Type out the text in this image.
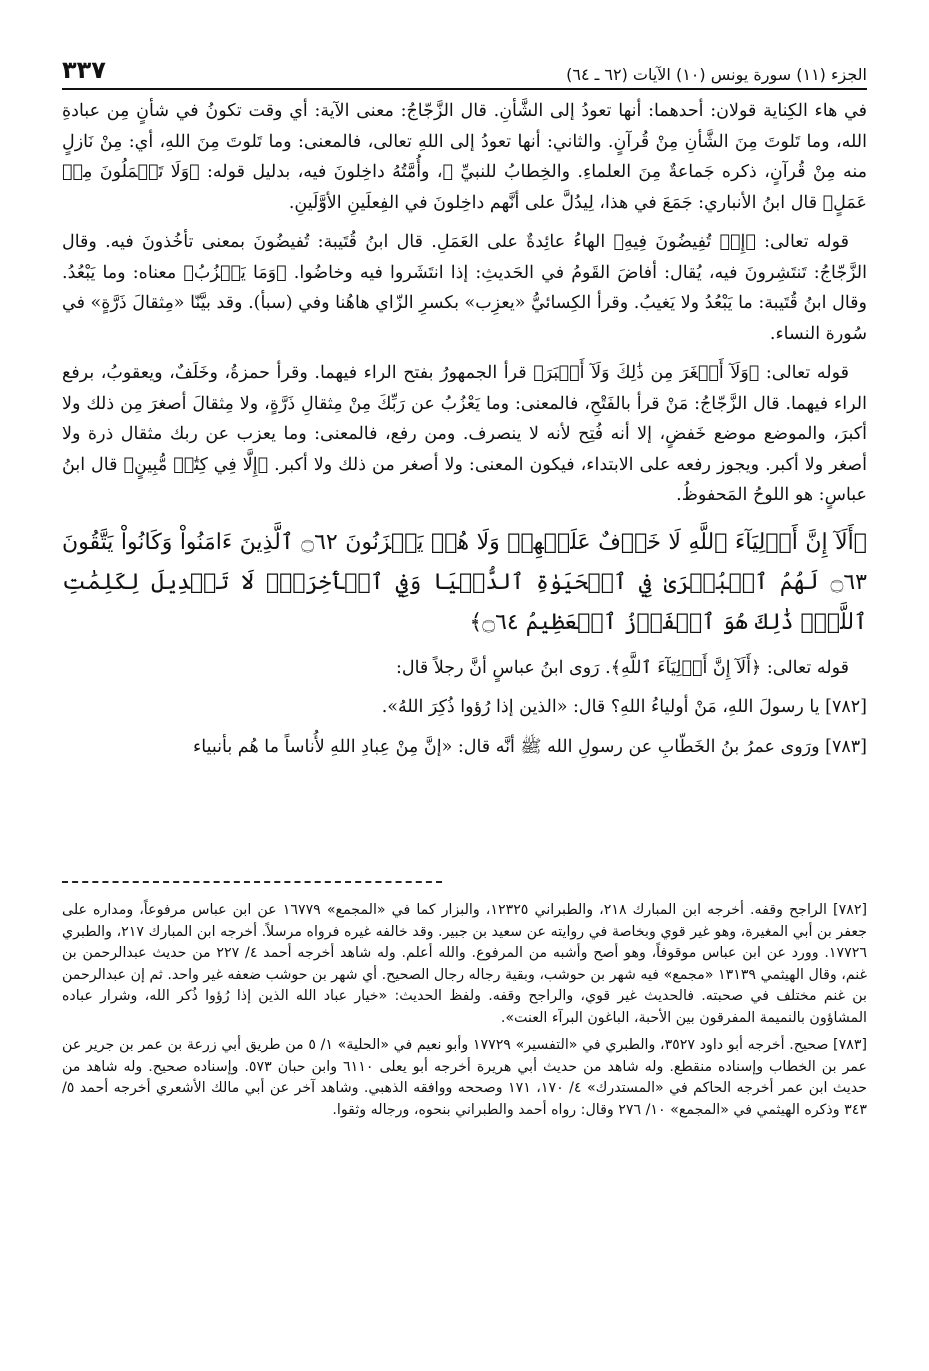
الجزء (١١) سورة يونس (١٠) الآيات (٦٢ ـ ٦٤)
٣٣٧

في هاء الكِناية قولان: أحدهما: أنها تعودُ إلى الشَّأنِ. قال الزَّجّاجُ: معنى الآية: أي وقت تكونُ في شأنٍ مِن عبادةِ الله، وما تَلوتَ مِنَ الشَّأنِ مِنْ قُرآنٍ. والثاني: أنها تعودُ إلى اللهِ تعالى، فالمعنى: وما تَلوتَ مِنَ اللهِ، أي: مِنْ نَازلٍ منه مِنْ قُرآنٍ، ذكره جَماعةٌ مِنَ العلماءِ. والخِطابُ للنبيِّ ﷺ، وأُمَّتُهُ داخِلونَ فيه، بدليل قوله: ﴿وَلَا تَعۡمَلُونَ مِنۡ عَمَلٍ﴾ قال ابنُ الأنباري: جَمَعَ في هذا، لِيدُلَّ على أنَّهم داخِلونَ في الفِعلَينِ الأوَّلَينِ.

قوله تعالى: ﴿إِذۡ تُفِيضُونَ فِيهِ﴾ الهاءُ عائِدةٌ على العَمَلِ. قال ابنُ قُتَيبة: تُفيضُونَ بمعنى تأخُذونَ فيه. وقال الزَّجّاجُ: تَنتَشِرونَ فيه، يُقال: أفاضَ القَومُ في الحَديثِ: إذا انتَشَروا فيه وخاضُوا. ﴿وَمَا يَعۡزُبُ﴾ معناه: وما يَبْعُدُ. وقال ابنُ قُتَيبة: ما يَبْعُدُ ولا يَغيبُ. وقرأ الكِسائيُّ «يعزِب» بكسرِ الزّاي هاهُنا وفي (سبأ). وقد بيَّنّا «مِثقالَ ذَرَّةٍ» في سُورة النساء.

قوله تعالى: ﴿وَلَآ أَصۡغَرَ مِن ذَٰلِكَ وَلَآ أَكۡبَرَ﴾ قرأ الجمهورُ بفتح الراء فيهما. وقرأ حمزةُ، وخَلَفٌ، ويعقوبُ، برفع الراء فيهما. قال الزَّجّاجُ: مَنْ قرأ بالفَتْحِ، فالمعنى: وما يَعْزُبُ عن رَبِّكَ مِنْ مِثقالِ ذَرَّةٍ، ولا مِثقالَ أصغرَ مِن ذلك ولا أكبرَ، والموضع موضع خَفضٍ، إلا أنه فُتِح لأنه لا ينصرف. ومن رفع، فالمعنى: وما يعزب عن ربك مثقال ذرة ولا أصغر ولا أكبر. ويجوز رفعه على الابتداء، فيكون المعنى: ولا أصغر من ذلك ولا أكبر. ﴿إِلَّا فِي كِتَٰبٖ مُّبِينٍ﴾ قال ابنُ عباسٍ: هو اللوحُ المَحفوظُ.

﴿أَلَآ إِنَّ أَوۡلِيَآءَ ٱللَّهِ لَا خَوۡفٌ عَلَيۡهِمۡ وَلَا هُمۡ يَحۡزَنُونَ ۝٦٢ ٱلَّذِينَ ءَامَنُواْ وَكَانُواْ يَتَّقُونَ ۝٦٣ لَهُمُ ٱلۡبُشۡرَىٰ فِي ٱلۡحَيَوٰةِ ٱلدُّنۡيَا وَفِي ٱلۡأٓخِرَةِۚ لَا تَبۡدِيلَ لِكَلِمَٰتِ ٱللَّهِۚ ذَٰلِكَ هُوَ ٱلۡفَوۡزُ ٱلۡعَظِيمُ ۝٦٤﴾

قوله تعالى: ﴿أَلَآ إِنَّ أَوۡلِيَآءَ ٱللَّهِ﴾. رَوى ابنُ عباسٍ أنَّ رجلاً قال:

[٧٨٢] يا رسولَ اللهِ، مَنْ أولياءُ اللهِ؟ قال: «الذين إذا رُؤوا ذُكِرَ اللهُ».

[٧٨٣] ورَوى عمرُ بنُ الخَطّابِ عن رسولِ الله ﷺ أنَّه قال: «إنَّ مِنْ عِبادِ اللهِ لأُناساً ما هُم بأنبياء

[٧٨٢] الراجح وقفه. أخرجه ابن المبارك ٢١٨، والطبراني ١٢٣٢٥، والبزار كما في «المجمع» ١٦٧٧٩ عن ابن عباس مرفوعاً، ومداره على جعفر بن أبي المغيرة، وهو غير قوي وبخاصة في روايته عن سعيد بن جبير. وقد خالفه غيره فرواه مرسلاً. أخرجه ابن المبارك ٢١٧، والطبري ١٧٧٢٦. وورد عن ابن عباس موقوفاً، وهو أصح وأشبه من المرفوع. والله أعلم. وله شاهد أخرجه أحمد ٤/ ٢٢٧ من حديث عبدالرحمن بن غنم، وقال الهيثمي ١٣١٣٩ «مجمع» فيه شهر بن حوشب، وبقية رجاله رجال الصحيح. أي شهر بن حوشب ضعفه غير واحد. ثم إن عبدالرحمن بن غنم مختلف في صحبته. فالحديث غير قوي، والراجح وقفه. ولفظ الحديث: «خيار عباد الله الذين إذا رُؤوا ذُكر الله، وشرار عباده المشاؤون بالنميمة المفرقون بين الأحبة، الباغون البرآء العنت».

[٧٨٣] صحيح. أخرجه أبو داود ٣٥٢٧، والطبري في «التفسير» ١٧٧٢٩ وأبو نعيم في «الحلية» ١/ ٥ من طريق أبي زرعة بن عمر بن جرير عن عمر بن الخطاب وإسناده منقطع. وله شاهد من حديث أبي هريرة أخرجه أبو يعلى ٦١١٠ وابن حبان ٥٧٣. وإسناده صحيح. وله شاهد من حديث ابن عمر أخرجه الحاكم في «المستدرك» ٤/ ١٧٠، ١٧١ وصححه ووافقه الذهبي. وشاهد آخر عن أبي مالك الأشعري أخرجه أحمد ٥/ ٣٤٣ وذكره الهيثمي في «المجمع» ١٠/ ٢٧٦ وقال: رواه أحمد والطبراني بنحوه، ورجاله وثقوا.
